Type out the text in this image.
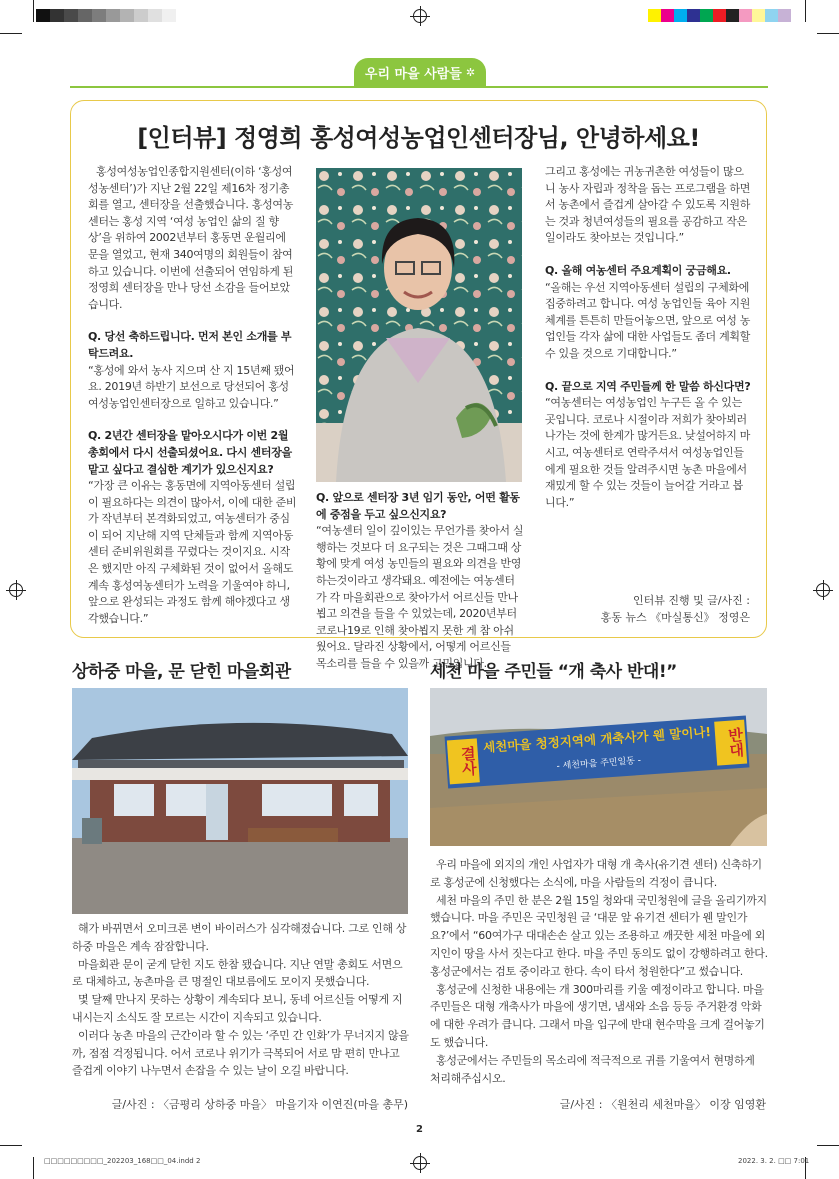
우리 마을 사람들 ✲
[인터뷰] 정영희 홍성여성농업인센터장님, 안녕하세요!

홍성여성농업인종합지원센터(이하 ‘홍성여성농센터’)가 지난 2월 22일 제16차 정기총회를 열고, 센터장을 선출했습니다. 홍성여농센터는 홍성 지역 ‘여성 농업인 삶의 질 향상’을 위하여 2002년부터 홍동면 운월리에 문을 열었고, 현재 340여명의 회원들이 참여하고 있습니다. 이번에 선출되어 연임하게 된 정영희 센터장을 만나 당선 소감을 들어보았습니다.

Q. 당선 축하드립니다. 먼저 본인 소개를 부탁드려요.

“홍성에 와서 농사 지으며 산 지 15년째 됐어요. 2019년 하반기 보선으로 당선되어 홍성여성농업인센터장으로 일하고 있습니다.”

Q. 2년간 센터장을 맡아오시다가 이번 2월 총회에서 다시 선출되셨어요. 다시 센터장을 맡고 싶다고 결심한 계기가 있으신지요?

“가장 큰 이유는 홍동면에 지역아동센터 설립이 필요하다는 의견이 많아서, 이에 대한 준비가 작년부터 본격화되었고, 여농센터가 중심이 되어 지난해 지역 단체들과 함께 지역아동센터 준비위원회를 꾸렸다는 것이지요. 시작은 했지만 아직 구체화된 것이 없어서 올해도 계속 홍성여농센터가 노력을 기울여야 하니, 앞으로 완성되는 과정도 함께 해야겠다고 생각했습니다.”

Q. 앞으로 센터장 3년 임기 동안, 어떤 활동에 중점을 두고 싶으신지요?

“여농센터 일이 깊이있는 무언가를 찾아서 실행하는 것보다 더 요구되는 것은 그때그때 상황에 맞게 여성 농민들의 필요와 의견을 반영하는것이라고 생각돼요. 예전에는 여농센터가 각 마을회관으로 찾아가서 어르신들 만나뵙고 의견을 들을 수 있었는데, 2020년부터 코로나19로 인해 찾아뵙지 못한 게 참 아쉬웠어요. 달라진 상황에서, 어떻게 어르신들 목소리를 들을 수 있을까 고민입니다.

그리고 홍성에는 귀농귀촌한 여성들이 많으니 농사 자립과 정착을 돕는 프로그램을 하면서 농촌에서 즐겁게 살아갈 수 있도록 지원하는 것과 청년여성들의 필요를 공감하고 작은 일이라도 찾아보는 것입니다.”

Q. 올해 여농센터 주요계획이 궁금해요.

“올해는 우선 지역아동센터 설립의 구체화에 집중하려고 합니다. 여성 농업인들 육아 지원 체계를 튼튼히 만들어놓으면, 앞으로 여성 농업인들 각자 삶에 대한 사업들도 좀더 계획할 수 있을 것으로 기대합니다.”

Q. 끝으로 지역 주민들께 한 말씀 하신다면?

“여농센터는 여성농업인 누구든 올 수 있는 곳입니다. 코로나 시절이라 저희가 찾아뵈러 나가는 것에 한계가 많거든요. 낮설어하지 마시고, 여농센터로 연락주셔서 여성농업인들에게 필요한 것들 알려주시면 농촌 마을에서 재밌게 할 수 있는 것들이 늘어갈 거라고 봅니다.”

인터뷰 진행 및 글/사진 :
홍동 뉴스 《마실통신》 정영은
상하중 마을, 문 닫힌 마을회관

해가 바뀌면서 오미크론 변이 바이러스가 심각해졌습니다. 그로 인해 상하중 마을은 계속 잠잠합니다.

마을회관 문이 굳게 닫힌 지도 한참 됐습니다. 지난 연말 총회도 서면으로 대체하고, 농촌마을 큰 명절인 대보름에도 모이지 못했습니다.

몇 달째 만나지 못하는 상황이 계속되다 보니, 동네 어르신들 어떻게 지내시는지 소식도 잘 모르는 시간이 지속되고 있습니다.

이러다 농촌 마을의 근간이라 할 수 있는 ‘주민 간 인화’가 무너지지 않을까, 점점 걱정됩니다. 어서 코로나 위기가 극복되어 서로 맘 편히 만나고 즐겁게 이야기 나누면서 손잡을 수 있는 날이 오길 바랍니다.

글/사진 : 〈금평리 상하중 마을〉 마을기자 이연진(마을 총무)
세천 마을 주민들 “개 축사 반대!”
결사
세천마을 청정지역에 개축사가 웬 말이나!
- 세천마을 주민일동 -
반대

우리 마을에 외지의 개인 사업자가 대형 개 축사(유기견 센터) 신축하기로 홍성군에 신청했다는 소식에, 마을 사람들의 걱정이 큽니다.

세천 마을의 주민 한 분은 2월 15일 청와대 국민청원에 글을 올리기까지 했습니다. 마을 주민은 국민청원 글 ‘대문 앞 유기견 센터가 웬 말인가요?’에서 “60여가구 대대손손 살고 있는 조용하고 깨끗한 세천 마을에 외지인이 땅을 사서 짓는다고 한다. 마을 주민 동의도 없이 강행하려고 한다. 홍성군에서는 검토 중이라고 한다. 속이 타서 청원한다”고 썼습니다.

홍성군에 신청한 내용에는 개 300마리를 키울 예정이라고 합니다. 마을 주민들은 대형 개축사가 마을에 생기면, 냄새와 소음 등등 주거환경 악화에 대한 우려가 큽니다. 그래서 마을 입구에 반대 현수막을 크게 걸어놓기도 했습니다.

홍성군에서는 주민들의 목소리에 적극적으로 귀를 기울여서 현명하게 처리해주십시오.

글/사진 : 〈원천리 세천마을〉 이장 임영환
2
□□□□□□□□□_202203_168□□_04.indd 2	2022. 3. 2. □□ 7:01
